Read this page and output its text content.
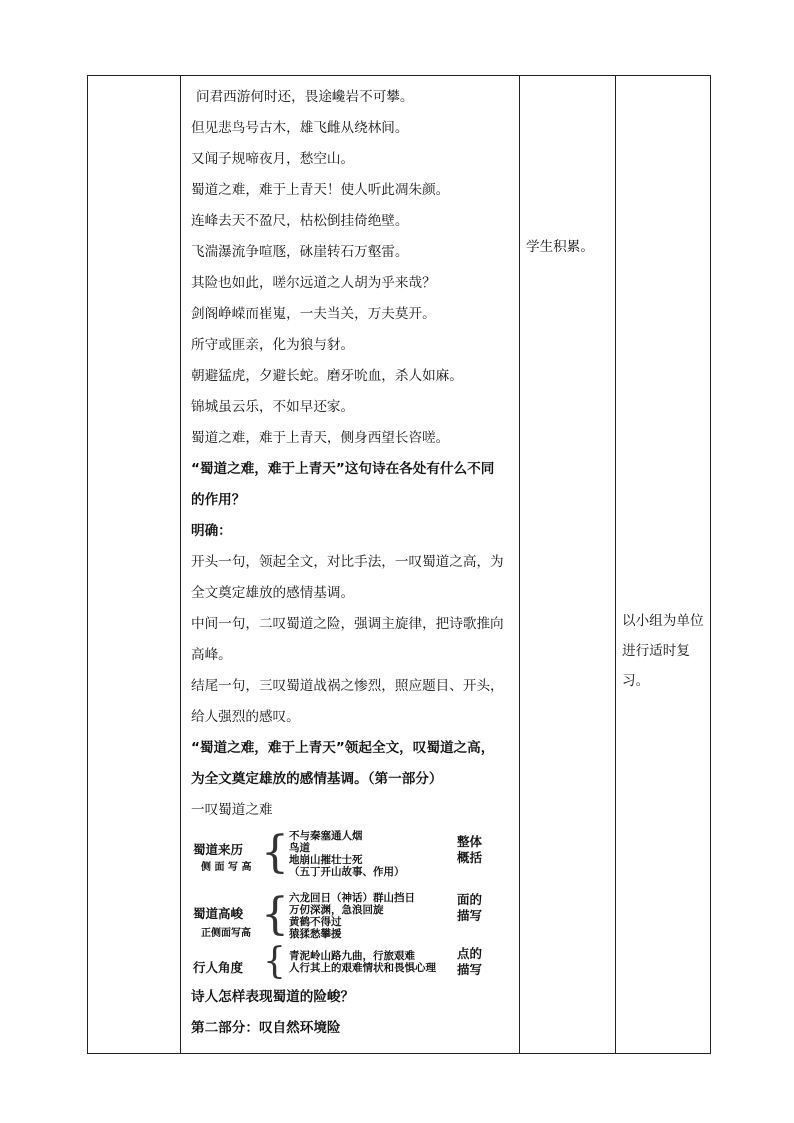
问君西游何时还，畏途巉岩不可攀。
但见悲鸟号古木，雄飞雌从绕林间。
又闻子规啼夜月，愁空山。
蜀道之难，难于上青天！使人听此凋朱颜。
连峰去天不盈尺，枯松倒挂倚绝壁。
飞湍瀑流争喧豗，砯崖转石万壑雷。
其险也如此，嗟尔远道之人胡为乎来哉？
剑阁峥嵘而崔嵬，一夫当关，万夫莫开。
所守或匪亲，化为狼与豺。
朝避猛虎，夕避长蛇。磨牙吮血，杀人如麻。
锦城虽云乐，不如早还家。
蜀道之难，难于上青天，侧身西望长咨嗟。
“蜀道之难，难于上青天”这句诗在各处有什么不同
的作用？
明确：
开头一句，领起全文，对比手法，一叹蜀道之高，为
全文奠定雄放的感情基调。
中间一句，二叹蜀道之险，强调主旋律，把诗歌推向
高峰。
结尾一句，三叹蜀道战祸之惨烈，照应题目、开头，
给人强烈的感叹。
“蜀道之难，难于上青天”领起全文，叹蜀道之高，
为全文奠定雄放的感情基调。（第一部分）
一叹蜀道之难
蜀道来历
侧 面 写 高 { 不与秦塞通人烟
鸟道
地崩山摧壮士死
（五丁开山故事、作用）
整体
概括
蜀道高峻
正侧面写高 { 六龙回日（神话）群山挡日
万仞深渊，急浪回旋
黄鹤不得过
猿猱愁攀援
面的
描写
行人角度 { 青泥岭山路九曲，行旅艰难
人行其上的艰难情状和畏惧心理
点的
描写
诗人怎样表现蜀道的险峻？
第二部分：叹自然环境险

学生积累。

以小组为单位进行适时复习。
